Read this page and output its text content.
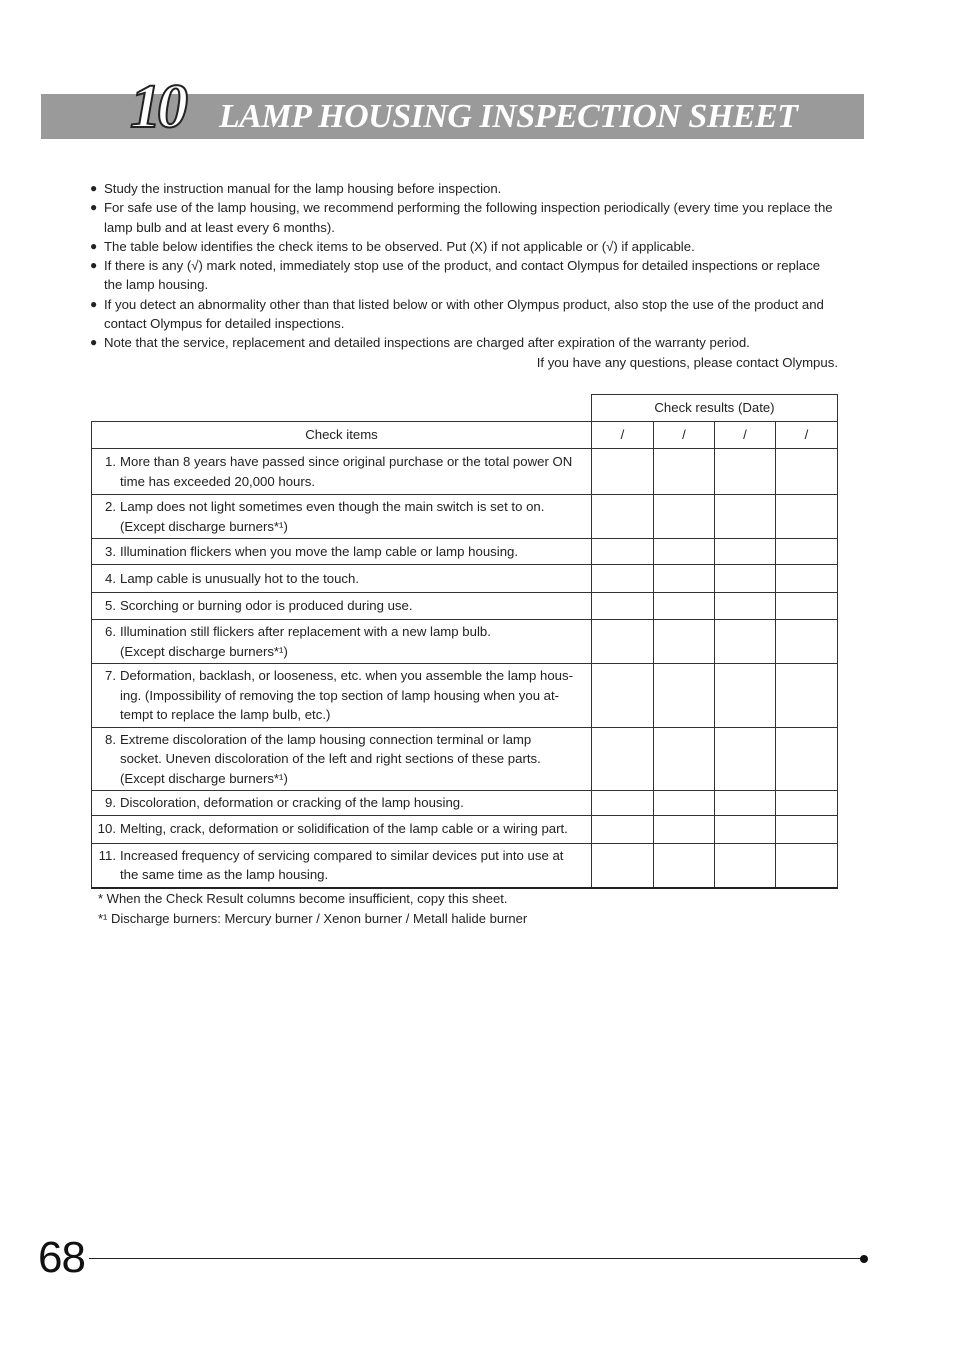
10 LAMP HOUSING INSPECTION SHEET
● Study the instruction manual for the lamp housing before inspection.
● For safe use of the lamp housing, we recommend performing the following inspection periodically (every time you replace the lamp bulb and at least every 6 months).
● The table below identifies the check items to be observed. Put (X) if not applicable or (√) if applicable.
● If there is any (√) mark noted, immediately stop use of the product, and contact Olympus for detailed inspections or replace the lamp housing.
● If you detect an abnormality other than that listed below or with other Olympus product, also stop the use of the product and contact Olympus for detailed inspections.
● Note that the service, replacement and detailed inspections are charged after expiration of the warranty period.
If you have any questions, please contact Olympus.
	Check results (Date)			
Check items	/	/	/	/

1. More than 8 years have passed since original purchase or the total power ON
time has exceeded 20,000 hours.				

2. Lamp does not light sometimes even though the main switch is set to on.
(Except discharge burners*¹)				

3. Illumination flickers when you move the lamp cable or lamp housing.				

4. Lamp cable is unusually hot to the touch.				

5. Scorching or burning odor is produced during use.				

6. Illumination still flickers after replacement with a new lamp bulb.
(Except discharge burners*¹)				

7. Deformation, backlash, or looseness, etc. when you assemble the lamp hous-
ing. (Impossibility of removing the top section of lamp housing when you at-
tempt to replace the lamp bulb, etc.)				

8. Extreme discoloration of the lamp housing connection terminal or lamp
socket. Uneven discoloration of the left and right sections of these parts.
(Except discharge burners*¹)				

9. Discoloration, deformation or cracking of the lamp housing.				

10. Melting, crack, deformation or solidification of the lamp cable or a wiring part.				

11. Increased frequency of servicing compared to similar devices put into use at
the same time as the lamp housing.				

* When the Check Result columns become insufficient, copy this sheet.
*¹ Discharge burners: Mercury burner / Xenon burner / Metall halide burner
68
